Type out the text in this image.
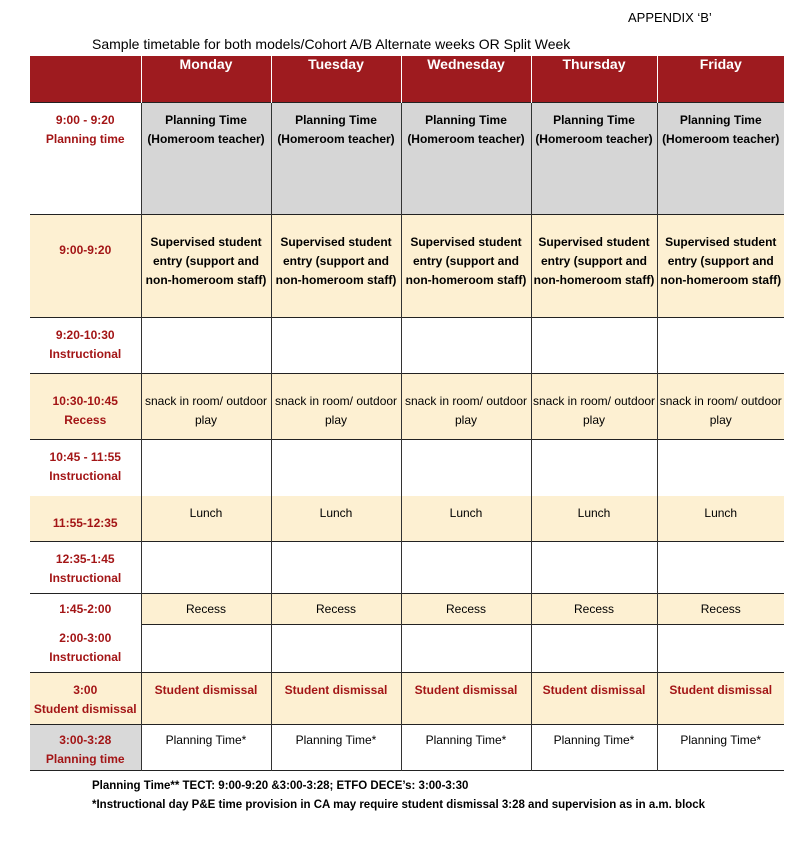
APPENDIX ‘B’
Sample timetable for both models/Cohort A/B Alternate weeks OR Split Week
	Monday	Tuesday	Wednesday	Thursday	Friday

9:00 - 9:20
Planning time	Planning Time (Homeroom teacher)	Planning Time (Homeroom teacher)	Planning Time (Homeroom teacher)	Planning Time (Homeroom teacher)	Planning Time (Homeroom teacher)

9:00-9:20	Supervised student entry (support and non-homeroom staff)	Supervised student entry (support and non-homeroom staff)	Supervised student entry (support and non-homeroom staff)	Supervised student entry (support and non-homeroom staff)	Supervised student entry (support and non-homeroom staff)

9:20-10:30
Instructional					

10:30-10:45
Recess	snack in room/ outdoor play	snack in room/ outdoor play	snack in room/ outdoor play	snack in room/ outdoor play	snack in room/ outdoor play

10:45 - 11:55
Instructional					

11:55-12:35	Lunch	Lunch	Lunch	Lunch	Lunch

12:35-1:45
Instructional					

1:45-2:00	Recess	Recess	Recess	Recess	Recess

2:00-3:00
Instructional					

3:00
Student dismissal	Student dismissal	Student dismissal	Student dismissal	Student dismissal	Student dismissal

3:00-3:28
Planning time	Planning Time*	Planning Time*	Planning Time*	Planning Time*	Planning Time*
Planning Time** TECT: 9:00-9:20 &3:00-3:28; ETFO DECE’s: 3:00-3:30
*Instructional day P&E time provision in CA may require student dismissal 3:28 and supervision as in a.m. block
